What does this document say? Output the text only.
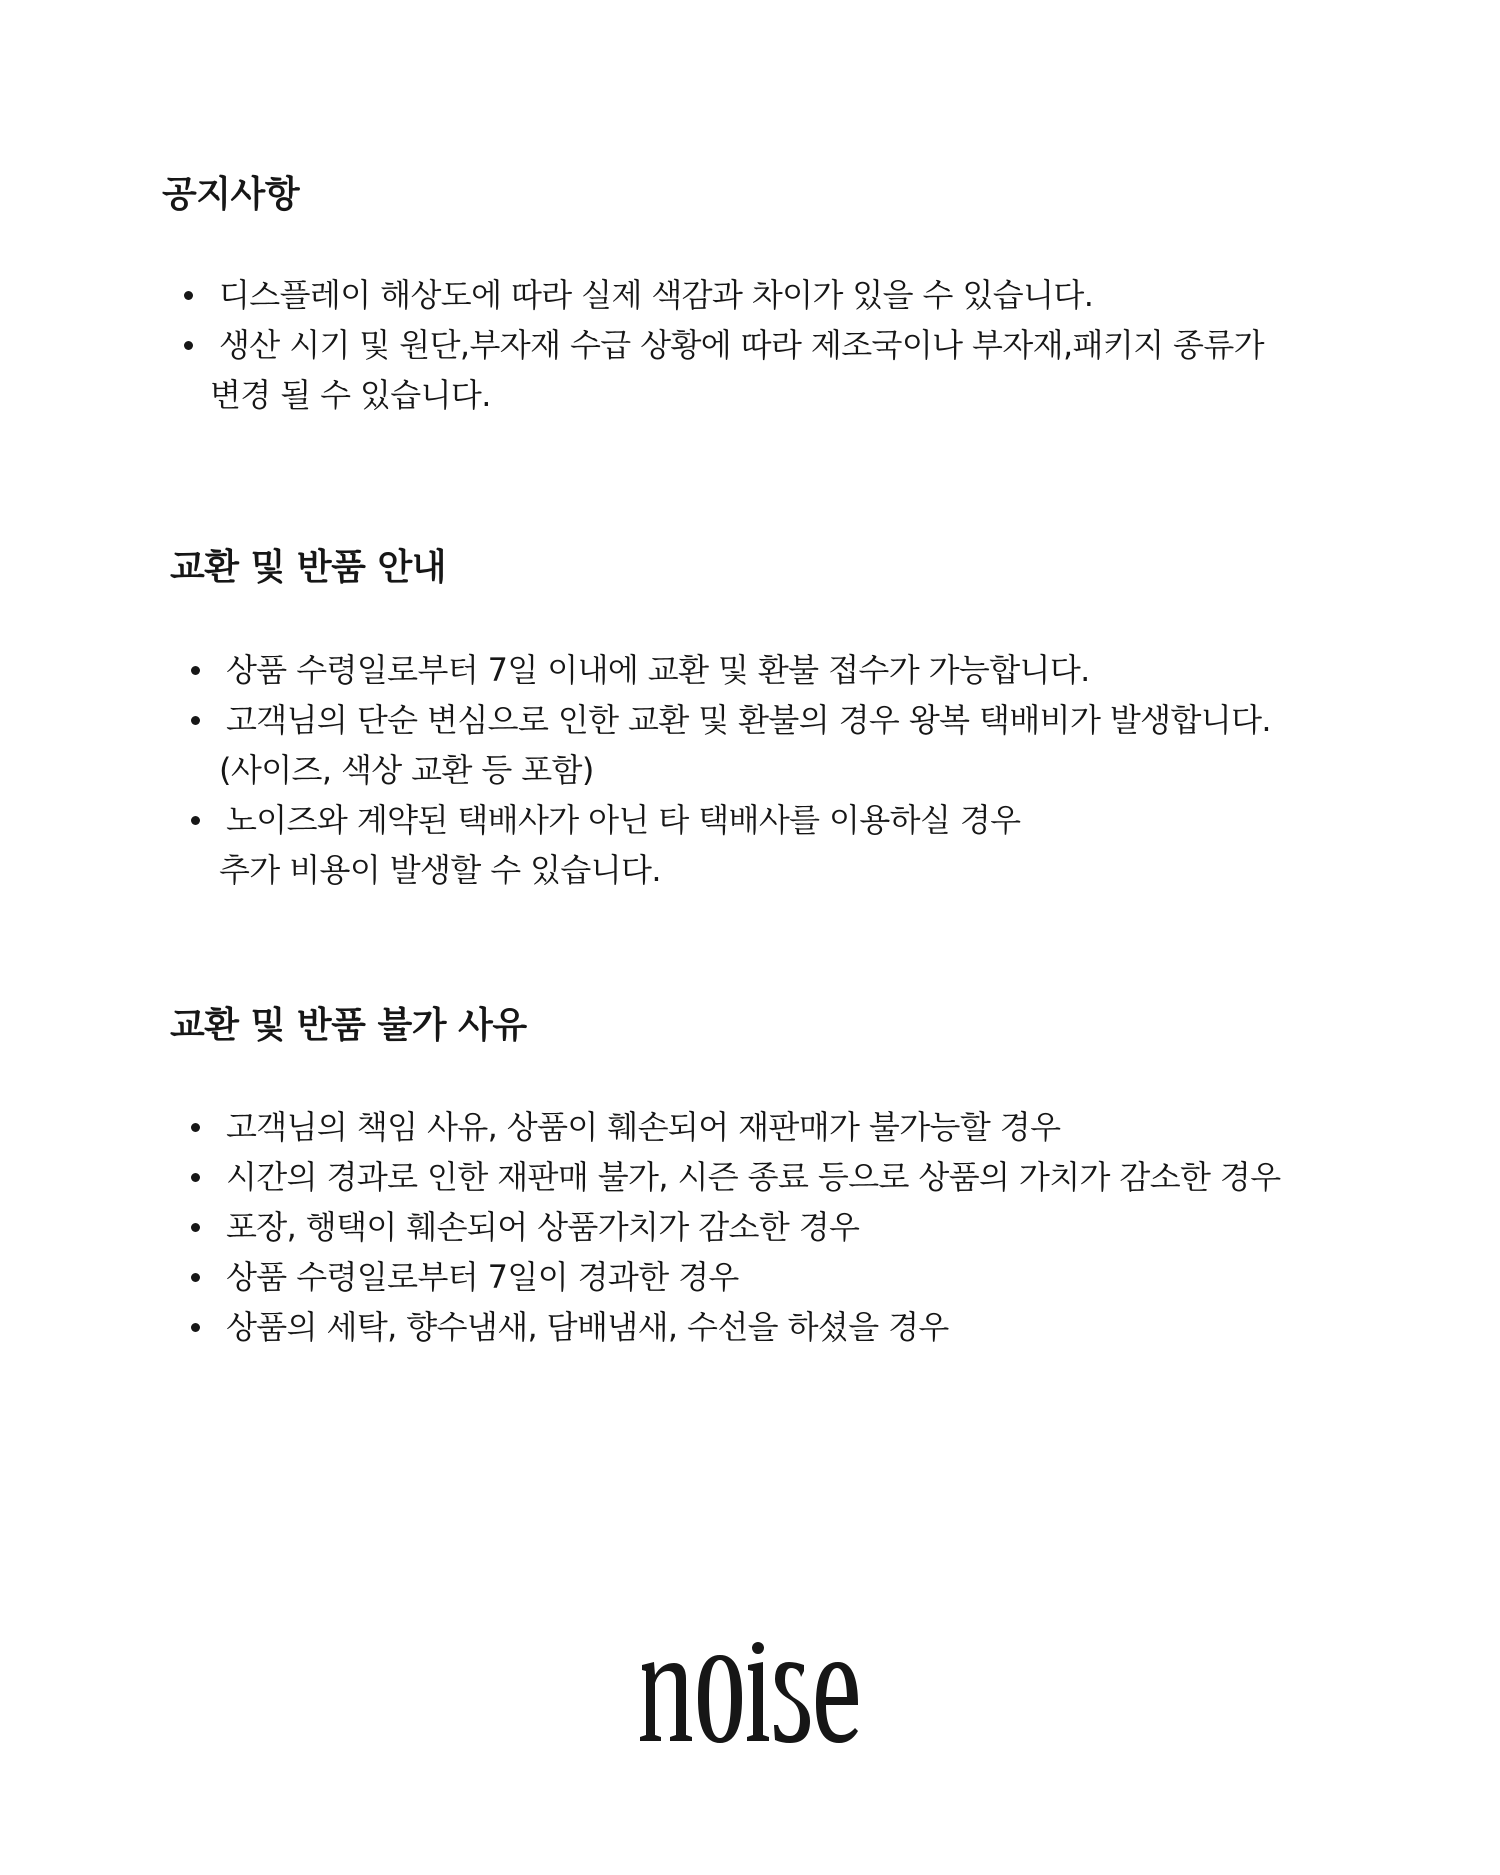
공지사항
디스플레이 해상도에 따라 실제 색감과 차이가 있을 수 있습니다.
생산 시기 및 원단,부자재 수급 상황에 따라 제조국이나 부자재,패키지 종류가
변경 될 수 있습니다.
교환 및 반품 안내
상품 수령일로부터 7일 이내에 교환 및 환불 접수가 가능합니다.
고객님의 단순 변심으로 인한 교환 및 환불의 경우 왕복 택배비가 발생합니다.
(사이즈, 색상 교환 등 포함)
노이즈와 계약된 택배사가 아닌 타 택배사를 이용하실 경우
추가 비용이 발생할 수 있습니다.
교환 및 반품 불가 사유
고객님의 책임 사유, 상품이 훼손되어 재판매가 불가능할 경우
시간의 경과로 인한 재판매 불가, 시즌 종료 등으로 상품의 가치가 감소한 경우
포장, 행택이 훼손되어 상품가치가 감소한 경우
상품 수령일로부터 7일이 경과한 경우
상품의 세탁, 향수냄새, 담배냄새, 수선을 하셨을 경우
